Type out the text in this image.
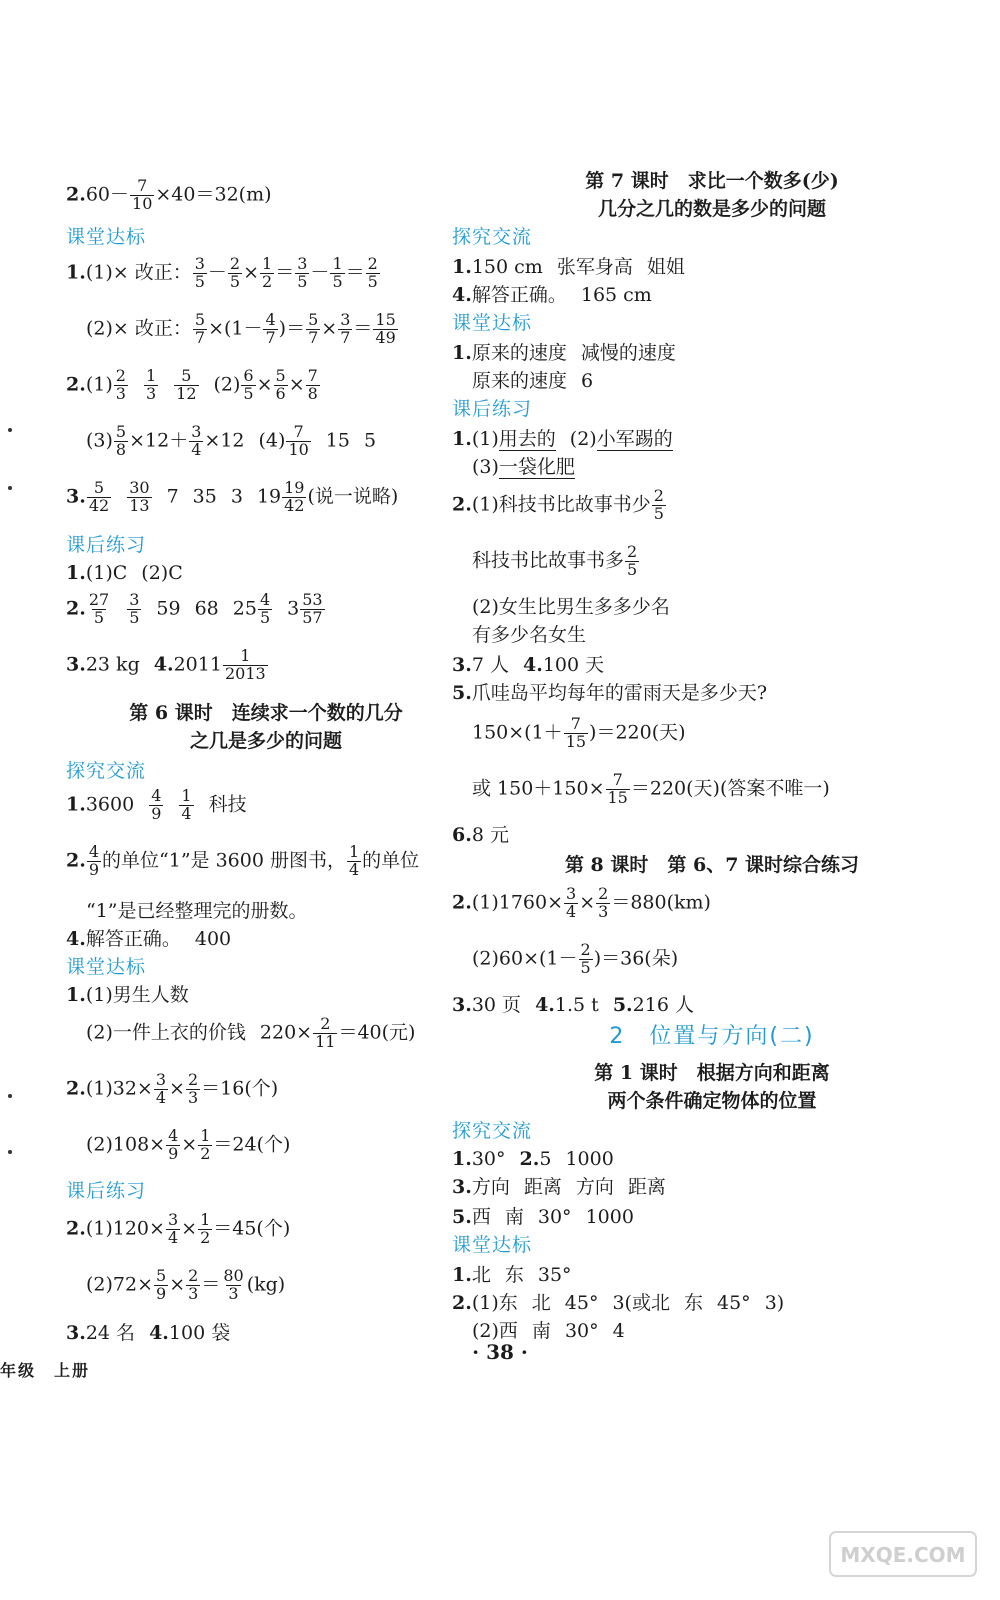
$2.60- \frac{7}{10} \times 40=32(m)$
课堂达标
1.(1)× 改正： $\frac{3}{5} - \frac{2}{5} \times \frac{1}{2} = \frac{3}{5} - \frac{1}{5} = \frac{2}{5}$
(2)× 改正： $\frac{5}{7} \times(1- \frac{4}{7}$ )＝ $\frac{5}{7} \times \frac{3}{7} = \frac{15}{49}$
$2.(1) \frac{2}{3} \frac{1}{3} \frac{5}{12} (2) \frac{6}{5} \times \frac{5}{6} \times \frac{7}{8}$
$(3) \frac{5}{8} \times 12+ \frac{3}{4} \times 12$ $(4) \frac{7}{10} 15$ 5
3. $\frac{5}{42} \frac{30}{13} 7$ 35 3 $19 \frac{19}{42}$ (说一说略)
课后练习
1.(1)C (2)C
2. $\frac{27}{5} \frac{3}{5} 59$ 68 $25 \frac{4}{5} 3 \frac{53}{57}$
3.23 kg $4.2011 \frac{1}{2013}$
第 6 课时　连续求一个数的几分
之几是多少的问题
探究交流
$1.3600 \frac{4}{9} \frac{1}{4}$ 科技
2. $\frac{4}{9}$ 的单位“1”是 3600 册图书， $\frac{1}{4}$ 的单位
“1”是已经整理完的册数。
4.解答正确。 400
课堂达标
1.(1)男生人数
(2)一件上衣的价钱 $220\times \frac{2}{11} =40$(元)
$2.(1)32\times \frac{3}{4} \times \frac{2}{3} =16$(个)
$(2)108\times \frac{4}{9} \times \frac{1}{2} =24$(个)
课后练习
$2.(1)120\times \frac{3}{4} \times \frac{1}{2} =45$(个)
$(2)72\times \frac{5}{9} \times \frac{2}{3} = \frac{80}{3} (kg)$
3.24 名 4.100 袋
第 7 课时　求比一个数多(少)
几分之几的数是多少的问题
探究交流
1.150 cm 张军身高 姐姐
4.解答正确。 165 cm
课堂达标
1.原来的速度 减慢的速度
原来的速度 6
课后练习
1.(1)用去的 (2)小军踢的
(3)一袋化肥
2.(1)科技书比故事书少 $\frac{2}{5}$
科技书比故事书多 $\frac{2}{5}$
(2)女生比男生多多少名
有多少名女生
3.7 人 4.100 天
5.爪哇岛平均每年的雷雨天是多少天?
$150\times(1+ \frac{7}{15} )=220$(天)
或 $150+150\times \frac{7}{15} =220$(天)(答案不唯一)
6.8 元
第 8 课时　第 6、7 课时综合练习
$2.(1)1760\times \frac{3}{4} \times \frac{2}{3} =880(km)$
$(2)60\times(1- \frac{2}{5} )=36$(朵)
3.30 页 4.1.5 t 5.216 人
2　位置与方向(二)
第 1 课时　根据方向和距离
两个条件确定物体的位置
探究交流
1.30° 2.5 1000
3.方向 距离 方向 距离
5.西 南 30° 1000
课堂达标
1.北 东 35°
2.(1)东 北 45° 3(或北 东 45° 3)
(2)西 南 30° 4
年级　上册
· 38 ·
MXQE.COM
